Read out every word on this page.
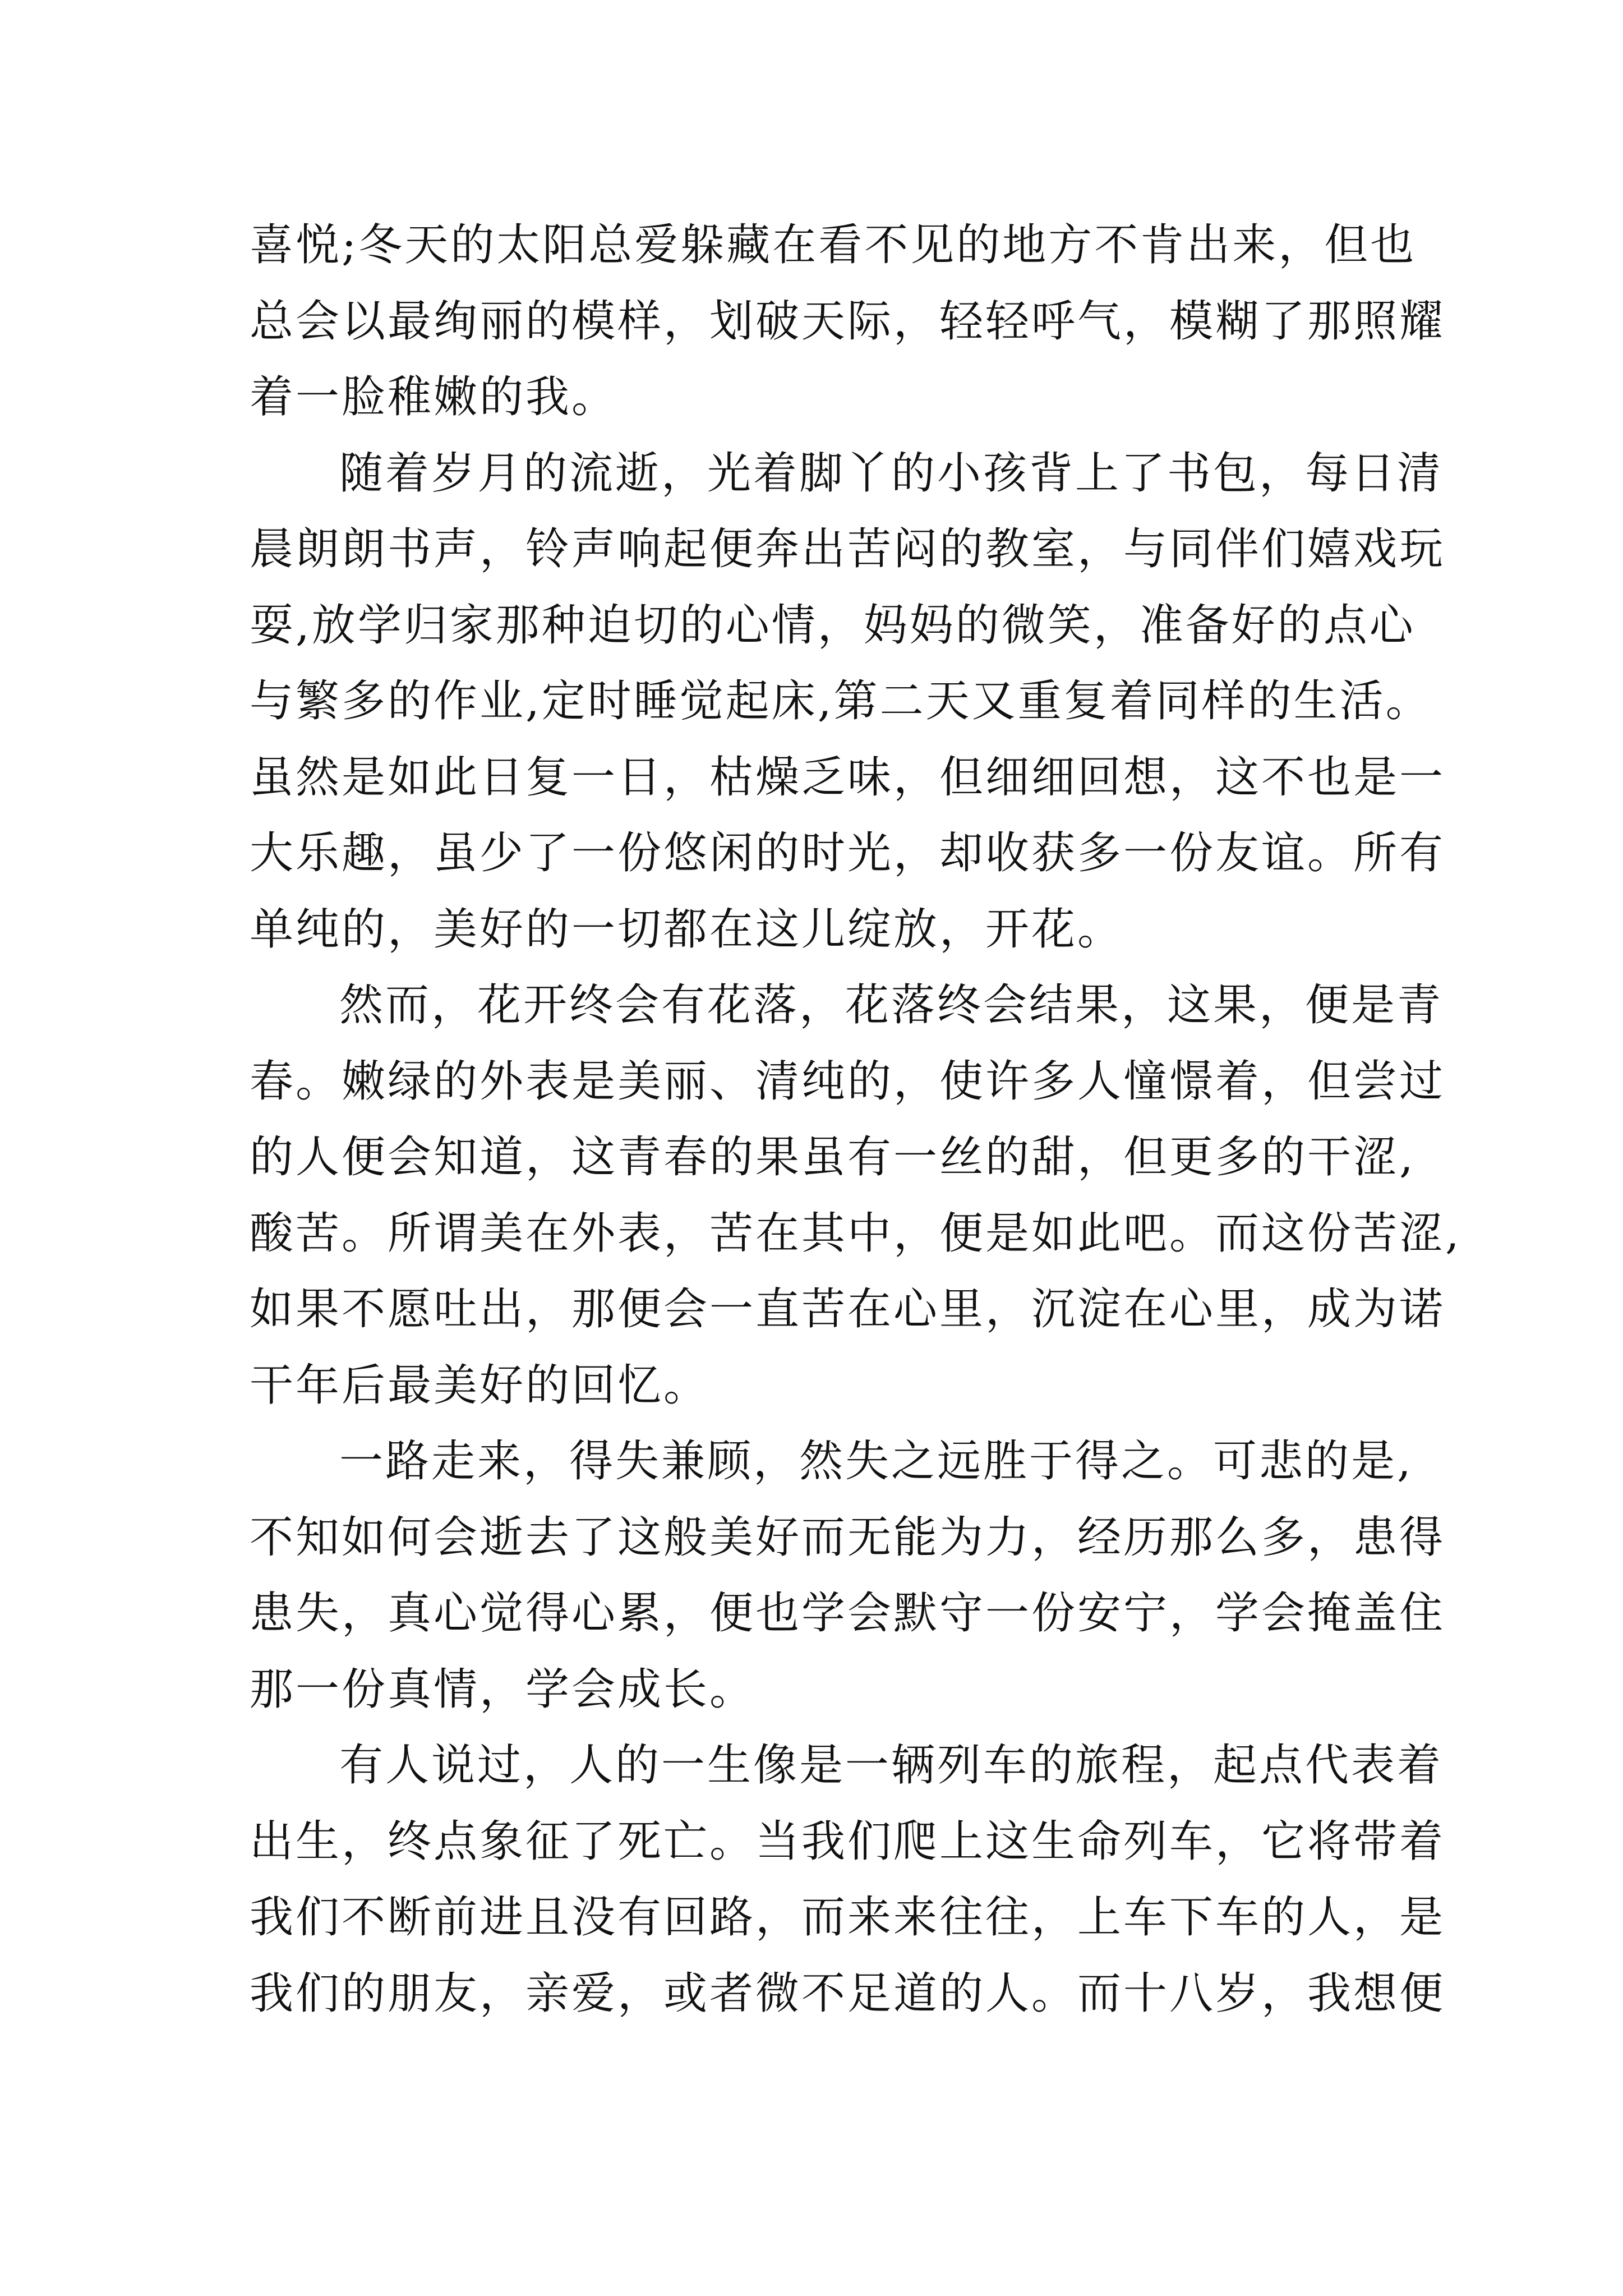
喜悦;冬天的太阳总爱躲藏在看不见的地方不肯出来，但也
总会以最绚丽的模样，划破天际，轻轻呼气，模糊了那照耀
着一脸稚嫩的我。
随着岁月的流逝，光着脚丫的小孩背上了书包，每日清
晨朗朗书声，铃声响起便奔出苦闷的教室，与同伴们嬉戏玩
耍,放学归家那种迫切的心情，妈妈的微笑，准备好的点心
与繁多的作业,定时睡觉起床,第二天又重复着同样的生活。
虽然是如此日复一日，枯燥乏味，但细细回想，这不也是一
大乐趣，虽少了一份悠闲的时光，却收获多一份友谊。所有
单纯的，美好的一切都在这儿绽放，开花。
然而，花开终会有花落，花落终会结果，这果，便是青
春。嫩绿的外表是美丽、清纯的，使许多人憧憬着，但尝过
的人便会知道，这青春的果虽有一丝的甜，但更多的干涩,
酸苦。所谓美在外表，苦在其中，便是如此吧。而这份苦涩,
如果不愿吐出，那便会一直苦在心里，沉淀在心里，成为诺
干年后最美好的回忆。
一路走来，得失兼顾，然失之远胜于得之。可悲的是,
不知如何会逝去了这般美好而无能为力，经历那么多，患得
患失，真心觉得心累，便也学会默守一份安宁，学会掩盖住
那一份真情，学会成长。
有人说过，人的一生像是一辆列车的旅程，起点代表着
出生，终点象征了死亡。当我们爬上这生命列车，它将带着
我们不断前进且没有回路，而来来往往，上车下车的人，是
我们的朋友，亲爱，或者微不足道的人。而十八岁，我想便
